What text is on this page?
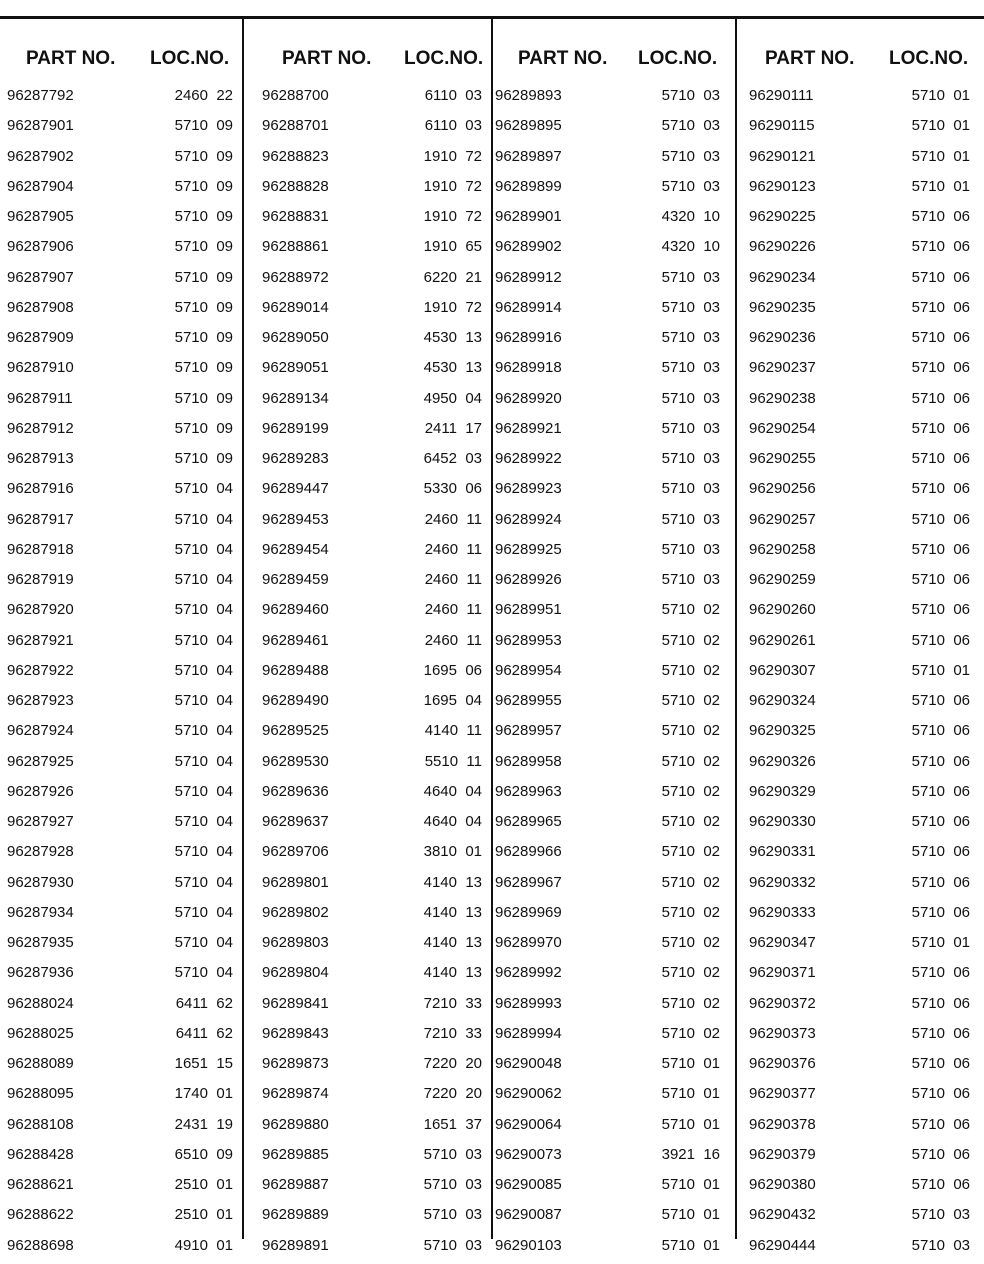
PART NO. LOC.NO.
96287792	2460  22
96287901	5710  09
96287902	5710  09
96287904	5710  09
96287905	5710  09
96287906	5710  09
96287907	5710  09
96287908	5710  09
96287909	5710  09
96287910	5710  09
96287911	5710  09
96287912	5710  09
96287913	5710  09
96287916	5710  04
96287917	5710  04
96287918	5710  04
96287919	5710  04
96287920	5710  04
96287921	5710  04
96287922	5710  04
96287923	5710  04
96287924	5710  04
96287925	5710  04
96287926	5710  04
96287927	5710  04
96287928	5710  04
96287930	5710  04
96287934	5710  04
96287935	5710  04
96287936	5710  04
96288024	6411  62
96288025	6411  62
96288089	1651  15
96288095	1740  01
96288108	2431  19
96288428	6510  09
96288621	2510  01
96288622	2510  01
96288698	4910  01
PART NO. LOC.NO.
96288700	6110  03
96288701	6110  03
96288823	1910  72
96288828	1910  72
96288831	1910  72
96288861	1910  65
96288972	6220  21
96289014	1910  72
96289050	4530  13
96289051	4530  13
96289134	4950  04
96289199	2411  17
96289283	6452  03
96289447	5330  06
96289453	2460  11
96289454	2460  11
96289459	2460  11
96289460	2460  11
96289461	2460  11
96289488	1695  06
96289490	1695  04
96289525	4140  11
96289530	5510  11
96289636	4640  04
96289637	4640  04
96289706	3810  01
96289801	4140  13
96289802	4140  13
96289803	4140  13
96289804	4140  13
96289841	7210  33
96289843	7210  33
96289873	7220  20
96289874	7220  20
96289880	1651  37
96289885	5710  03
96289887	5710  03
96289889	5710  03
96289891	5710  03
PART NO. LOC.NO.
96289893	5710  03
96289895	5710  03
96289897	5710  03
96289899	5710  03
96289901	4320  10
96289902	4320  10
96289912	5710  03
96289914	5710  03
96289916	5710  03
96289918	5710  03
96289920	5710  03
96289921	5710  03
96289922	5710  03
96289923	5710  03
96289924	5710  03
96289925	5710  03
96289926	5710  03
96289951	5710  02
96289953	5710  02
96289954	5710  02
96289955	5710  02
96289957	5710  02
96289958	5710  02
96289963	5710  02
96289965	5710  02
96289966	5710  02
96289967	5710  02
96289969	5710  02
96289970	5710  02
96289992	5710  02
96289993	5710  02
96289994	5710  02
96290048	5710  01
96290062	5710  01
96290064	5710  01
96290073	3921  16
96290085	5710  01
96290087	5710  01
96290103	5710  01
PART NO. LOC.NO.
96290111	5710  01
96290115	5710  01
96290121	5710  01
96290123	5710  01
96290225	5710  06
96290226	5710  06
96290234	5710  06
96290235	5710  06
96290236	5710  06
96290237	5710  06
96290238	5710  06
96290254	5710  06
96290255	5710  06
96290256	5710  06
96290257	5710  06
96290258	5710  06
96290259	5710  06
96290260	5710  06
96290261	5710  06
96290307	5710  01
96290324	5710  06
96290325	5710  06
96290326	5710  06
96290329	5710  06
96290330	5710  06
96290331	5710  06
96290332	5710  06
96290333	5710  06
96290347	5710  01
96290371	5710  06
96290372	5710  06
96290373	5710  06
96290376	5710  06
96290377	5710  06
96290378	5710  06
96290379	5710  06
96290380	5710  06
96290432	5710  03
96290444	5710  03
